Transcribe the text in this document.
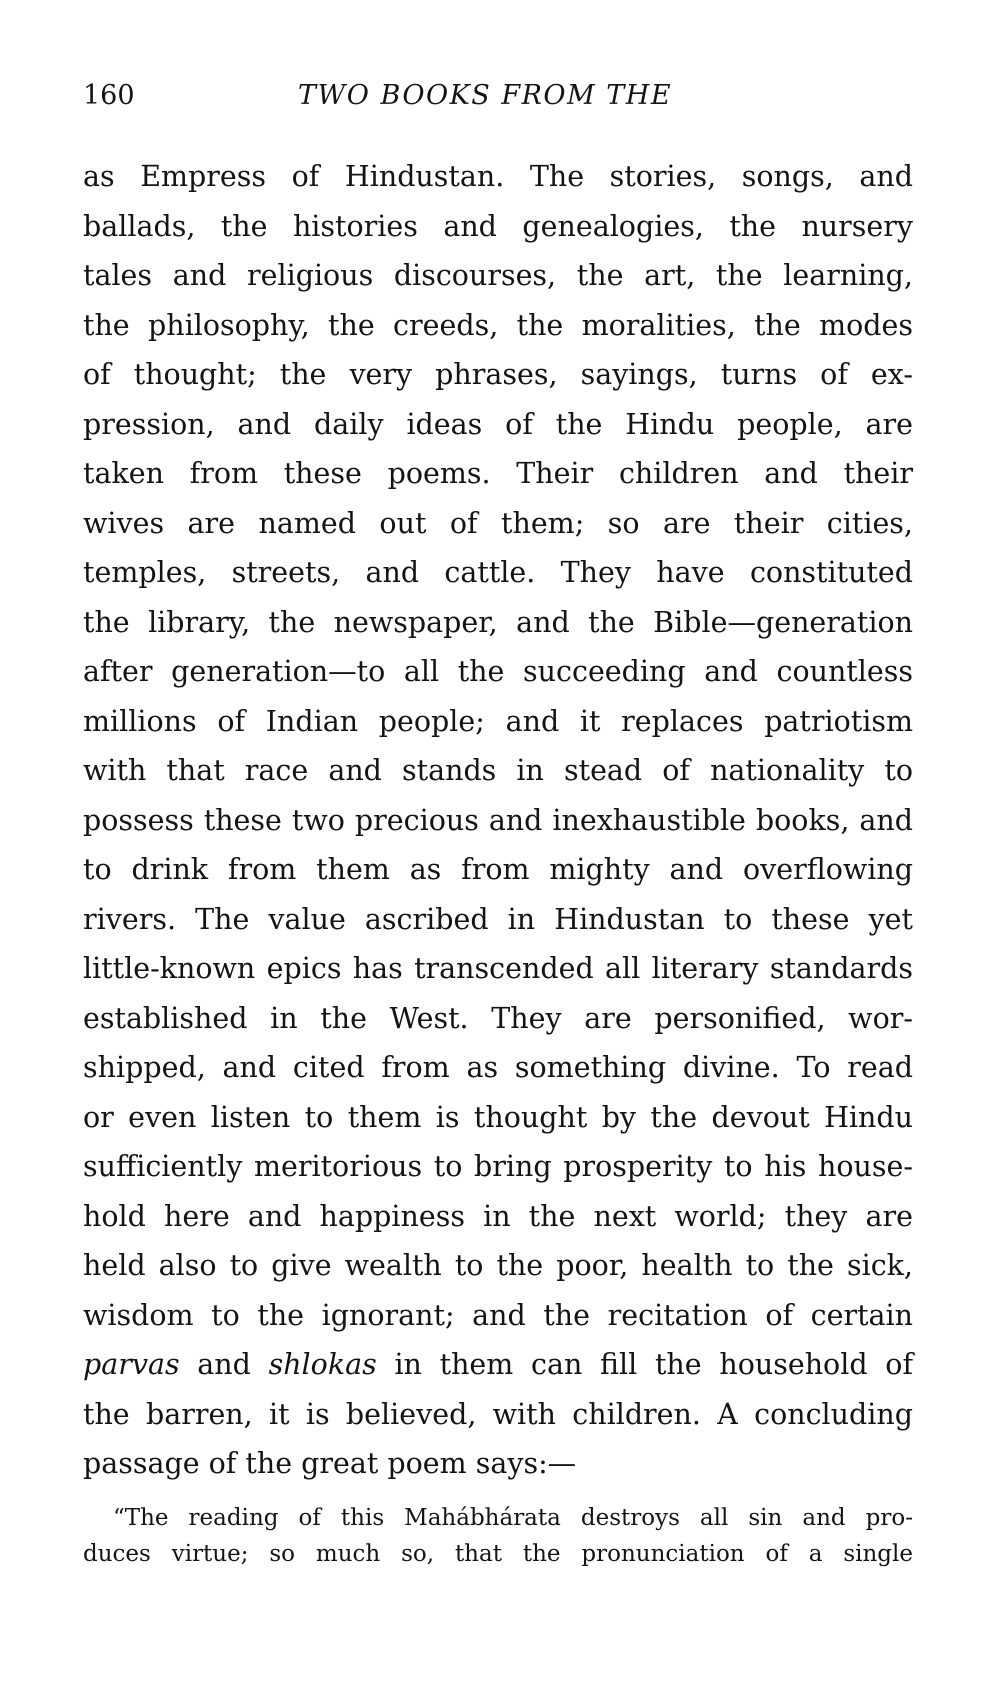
160	TWO BOOKS FROM THE
as Empress of Hindustan. The stories, songs, and
ballads, the histories and genealogies, the nursery
tales and religious discourses, the art, the learning,
the philosophy, the creeds, the moralities, the modes
of thought; the very phrases, sayings, turns of ex-
pression, and daily ideas of the Hindu people, are
taken from these poems. Their children and their
wives are named out of them; so are their cities,
temples, streets, and cattle. They have constituted
the library, the newspaper, and the Bible—generation
after generation—to all the succeeding and countless
millions of Indian people; and it replaces patriotism
with that race and stands in stead of nationality to
possess these two precious and inexhaustible books, and
to drink from them as from mighty and overflowing
rivers. The value ascribed in Hindustan to these yet
little-known epics has transcended all literary standards
established in the West. They are personified, wor-
shipped, and cited from as something divine. To read
or even listen to them is thought by the devout Hindu
sufficiently meritorious to bring prosperity to his house-
hold here and happiness in the next world; they are
held also to give wealth to the poor, health to the sick,
wisdom to the ignorant; and the recitation of certain
parvas and shlokas in them can fill the household of
the barren, it is believed, with children. A concluding
passage of the great poem says:—
“The reading of this Mahábhárata destroys all sin and pro-
duces virtue; so much so, that the pronunciation of a single
